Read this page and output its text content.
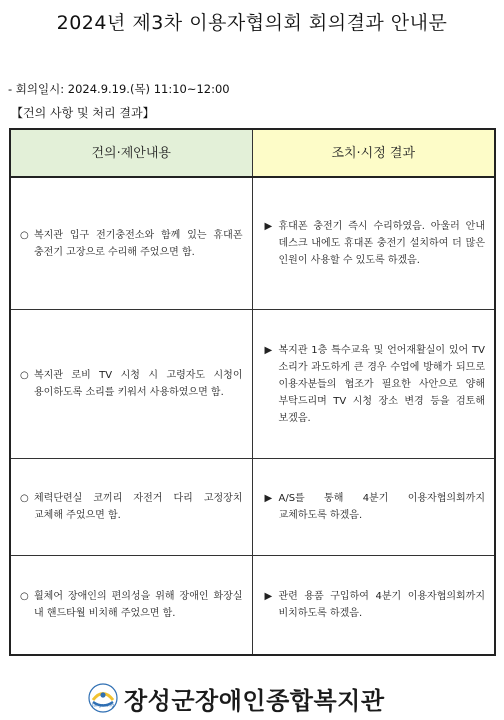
2024년 제3차 이용자협의회 회의결과 안내문
- 회의일시: 2024.9.19.(목) 11:10~12:00
【건의 사항 및 처리 결과】
건의·제안내용	조치·시정 결과

○ 복지관 입구 전기충전소와 함께 있는 휴대폰 충전기 고장으로 수리해 주었으면 함.	▶ 휴대폰 충전기 즉시 수리하였음. 아울러 안내 데스크 내에도 휴대폰 충전기 설치하여 더 많은 인원이 사용할 수 있도록 하겠음.

○ 복지관 로비 TV 시청 시 고령자도 시청이 용이하도록 소리를 키워서 사용하였으면 함.	▶ 복지관 1층 특수교육 및 언어재활실이 있어 TV 소리가 과도하게 큰 경우 수업에 방해가 되므로 이용자분들의 협조가 필요한 사안으로 양해 부탁드리며 TV 시청 장소 변경 등을 검토해 보겠음.

○ 체력단련실 코끼리 자전거 다리 고정장치 교체해 주었으면 함.	▶ A/S를 통해 4분기 이용자협의회까지 교체하도록 하겠음.

○ 휠체어 장애인의 편의성을 위해 장애인 화장실 내 핸드타월 비치해 주었으면 함.	▶ 관련 용품 구입하여 4분기 이용자협의회까지 비치하도록 하겠음.
Jangseong 장성군장애인종합복지관
